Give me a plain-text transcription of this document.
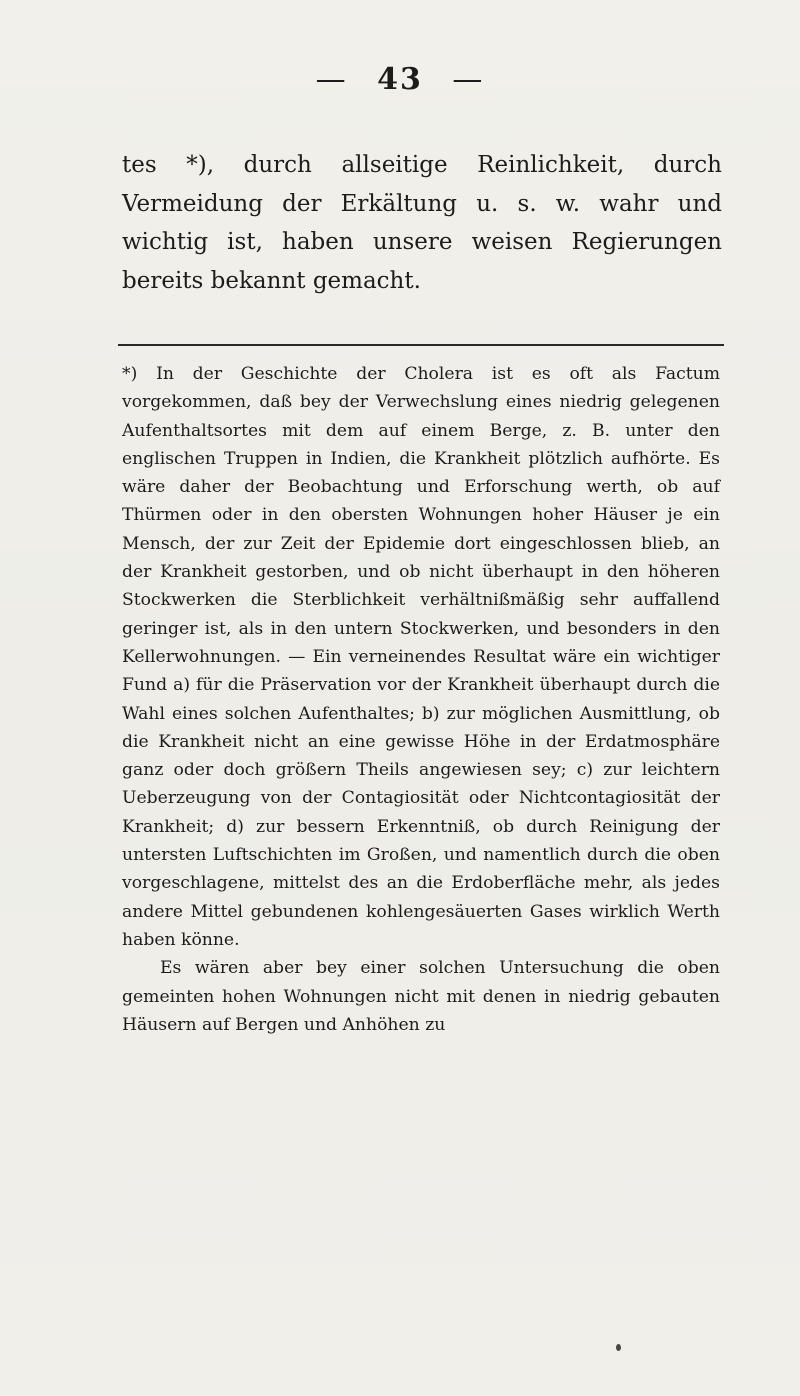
— 43 —
tes *), durch allseitige Reinlichkeit, durch Vermeidung der Erkältung u. s. w. wahr und wichtig ist, haben unsere weisen Regierungen bereits bekannt gemacht.

*) In der Geschichte der Cholera ist es oft als Factum vorgekommen, daß bey der Verwechslung eines niedrig gelegenen Aufenthaltsortes mit dem auf einem Berge, z. B. unter den englischen Truppen in Indien, die Krankheit plötzlich aufhörte. Es wäre daher der Beobachtung und Erforschung werth, ob auf Thürmen oder in den obersten Wohnungen hoher Häuser je ein Mensch, der zur Zeit der Epidemie dort eingeschlossen blieb, an der Krankheit gestorben, und ob nicht überhaupt in den höheren Stockwerken die Sterblichkeit verhältnißmäßig sehr auffallend geringer ist, als in den untern Stockwerken, und besonders in den Kellerwohnungen. — Ein verneinendes Resultat wäre ein wichtiger Fund a) für die Präservation vor der Krankheit überhaupt durch die Wahl eines solchen Aufenthaltes; b) zur möglichen Ausmittlung, ob die Krankheit nicht an eine gewisse Höhe in der Erdatmosphäre ganz oder doch größern Theils angewiesen sey; c) zur leichtern Ueberzeugung von der Contagiosität oder Nichtcontagiosität der Krankheit; d) zur bessern Erkenntniß, ob durch Reinigung der untersten Luftschichten im Großen, und namentlich durch die oben vorgeschlagene, mittelst des an die Erdoberfläche mehr, als jedes andere Mittel gebundenen kohlengesäuerten Gases wirklich Werth haben könne.

Es wären aber bey einer solchen Untersuchung die oben gemeinten hohen Wohnungen nicht mit denen in niedrig gebauten Häusern auf Bergen und Anhöhen zu
